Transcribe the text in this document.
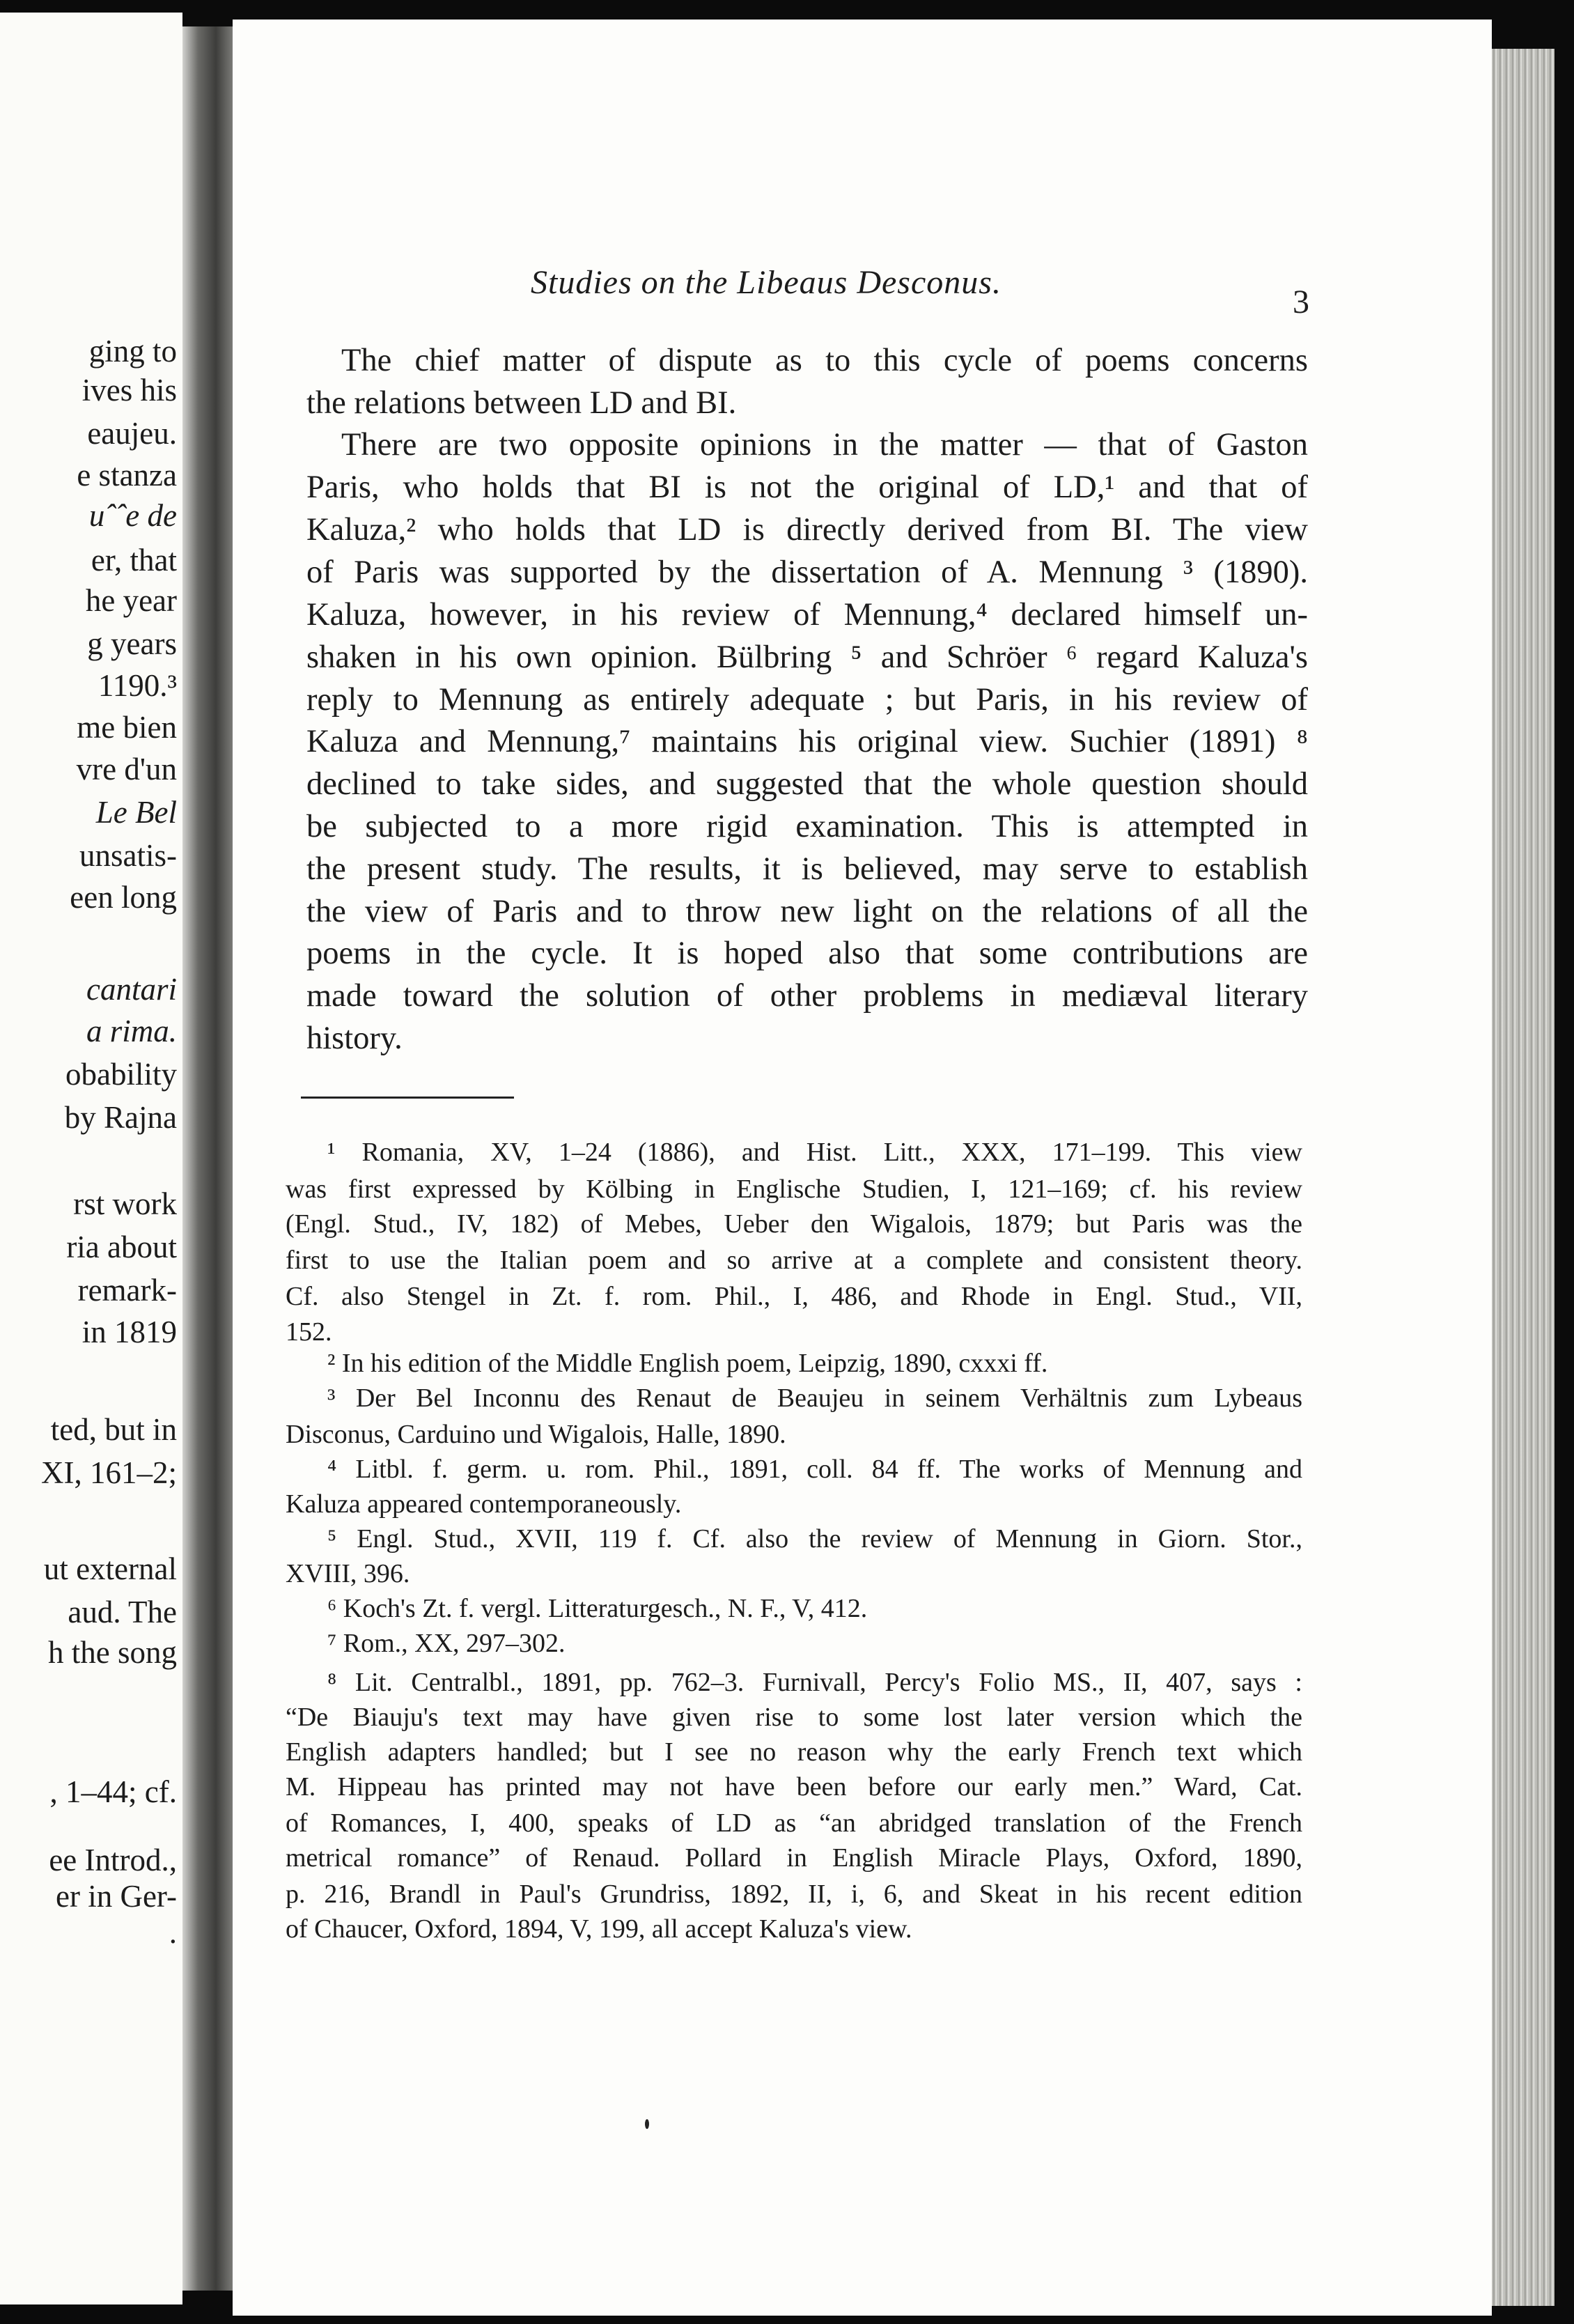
ging to
ives his
eaujeu.
e stanza
uˆˆe de
er, that
he year
g years
1190.³
me bien
vre d'un
Le Bel
unsatis-
een long
cantari
a rima.
obability
by Rajna
rst work
ria about
remark-
in 1819
ted, but in
XI, 161–2;
ut external
aud. The
h the song
, 1–44; cf.
ee Introd.,
er in Ger-
.
Studies on the Libeaus Desconus.
3
The chief matter of dispute as to this cycle of poems concerns
the relations between LD and BI.
There are two opposite opinions in the matter — that of Gaston
Paris, who holds that BI is not the original of LD,¹ and that of
Kaluza,² who holds that LD is directly derived from BI. The view
of Paris was supported by the dissertation of A. Mennung ³ (1890).
Kaluza, however, in his review of Mennung,⁴ declared himself un-
shaken in his own opinion. Bülbring ⁵ and Schröer ⁶ regard Kaluza's
reply to Mennung as entirely adequate ; but Paris, in his review of
Kaluza and Mennung,⁷ maintains his original view. Suchier (1891) ⁸
declined to take sides, and suggested that the whole question should
be subjected to a more rigid examination. This is attempted in
the present study. The results, it is believed, may serve to establish
the view of Paris and to throw new light on the relations of all the
poems in the cycle. It is hoped also that some contributions are
made toward the solution of other problems in mediæval literary
history.
¹ Romania, XV, 1–24 (1886), and Hist. Litt., XXX, 171–199. This view
was first expressed by Kölbing in Englische Studien, I, 121–169; cf. his review
(Engl. Stud., IV, 182) of Mebes, Ueber den Wigalois, 1879; but Paris was the
first to use the Italian poem and so arrive at a complete and consistent theory.
Cf. also Stengel in Zt. f. rom. Phil., I, 486, and Rhode in Engl. Stud., VII,
152.
² In his edition of the Middle English poem, Leipzig, 1890, cxxxi ff.
³ Der Bel Inconnu des Renaut de Beaujeu in seinem Verhältnis zum Lybeaus
Disconus, Carduino und Wigalois, Halle, 1890.
⁴ Litbl. f. germ. u. rom. Phil., 1891, coll. 84 ff. The works of Mennung and
Kaluza appeared contemporaneously.
⁵ Engl. Stud., XVII, 119 f. Cf. also the review of Mennung in Giorn. Stor.,
XVIII, 396.
⁶ Koch's Zt. f. vergl. Litteraturgesch., N. F., V, 412.
⁷ Rom., XX, 297–302.
⁸ Lit. Centralbl., 1891, pp. 762–3. Furnivall, Percy's Folio MS., II, 407, says :
“De Biauju's text may have given rise to some lost later version which the
English adapters handled; but I see no reason why the early French text which
M. Hippeau has printed may not have been before our early men.” Ward, Cat.
of Romances, I, 400, speaks of LD as “an abridged translation of the French
metrical romance” of Renaud. Pollard in English Miracle Plays, Oxford, 1890,
p. 216, Brandl in Paul's Grundriss, 1892, II, i, 6, and Skeat in his recent edition
of Chaucer, Oxford, 1894, V, 199, all accept Kaluza's view.
